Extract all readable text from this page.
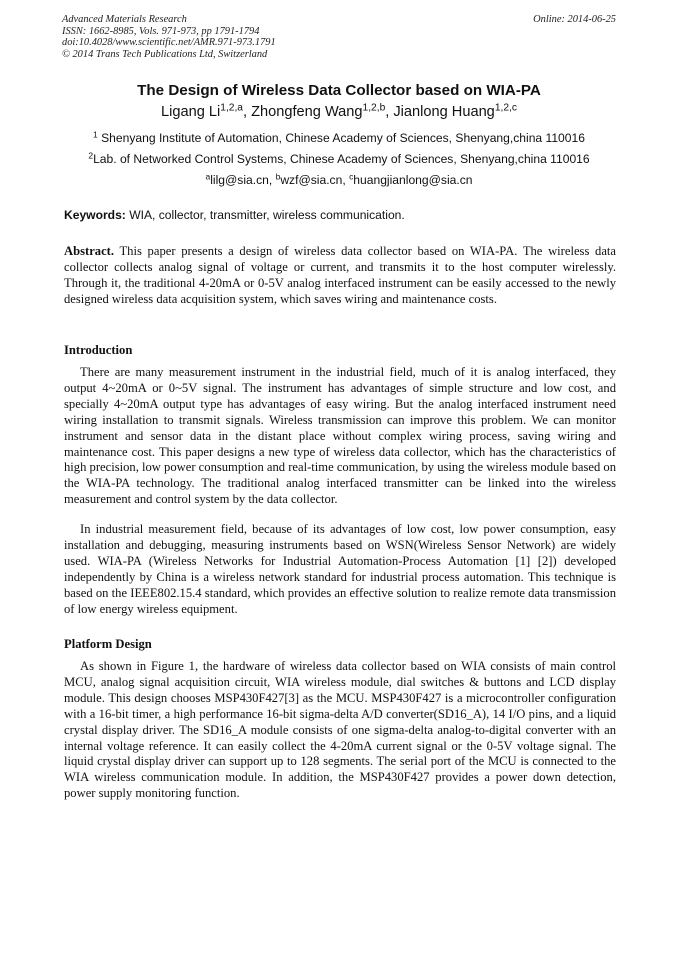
Advanced Materials Research
ISSN: 1662-8985, Vols. 971-973, pp 1791-1794
doi:10.4028/www.scientific.net/AMR.971-973.1791
© 2014 Trans Tech Publications Ltd, Switzerland
Online: 2014-06-25
The Design of Wireless Data Collector based on WIA-PA
Ligang Li$^{1,2,a}$, Zhongfeng Wang$^{1,2,b}$, Jianlong Huang$^{1,2,c}$
$^1$ Shenyang Institute of Automation, Chinese Academy of Sciences, Shenyang,china 110016
$^2$Lab. of Networked Control Systems, Chinese Academy of Sciences, Shenyang,china 110016
$^a$lilg@sia.cn, $^b$wzf@sia.cn, $^c$huangjianlong@sia.cn
Keywords: WIA, collector, transmitter, wireless communication.
Abstract. This paper presents a design of wireless data collector based on WIA-PA. The wireless data collector collects analog signal of voltage or current, and transmits it to the host computer wirelessly. Through it, the traditional 4-20mA or 0-5V analog interfaced instrument can be easily accessed to the newly designed wireless data acquisition system, which saves wiring and maintenance costs.
Introduction
There are many measurement instrument in the industrial field, much of it is analog interfaced, they output 4~20mA or 0~5V signal. The instrument has advantages of simple structure and low cost, and specially 4~20mA output type has advantages of easy wiring. But the analog interfaced instrument need wiring installation to transmit signals. Wireless transmission can improve this problem. We can monitor instrument and sensor data in the distant place without complex wiring process, saving wiring and maintenance cost. This paper designs a new type of wireless data collector, which has the characteristics of high precision, low power consumption and real-time communication, by using the wireless module based on the WIA-PA technology. The traditional analog interfaced transmitter can be linked into the wireless measurement and control system by the data collector.
In industrial measurement field, because of its advantages of low cost, low power consumption, easy installation and debugging, measuring instruments based on WSN(Wireless Sensor Network) are widely used. WIA-PA (Wireless Networks for Industrial Automation-Process Automation [1] [2]) developed independently by China is a wireless network standard for industrial process automation. This technique is based on the IEEE802.15.4 standard, which provides an effective solution to realize remote data transmission of low energy wireless equipment.
Platform Design
As shown in Figure 1, the hardware of wireless data collector based on WIA consists of main control MCU, analog signal acquisition circuit, WIA wireless module, dial switches & buttons and LCD display module. This design chooses MSP430F427[3] as the MCU. MSP430F427 is a microcontroller configuration with a 16-bit timer, a high performance 16-bit sigma-delta A/D converter(SD16_A), 14 I/O pins, and a liquid crystal display driver. The SD16_A module consists of one sigma-delta analog-to-digital converter with an internal voltage reference. It can easily collect the 4-20mA current signal or the 0-5V voltage signal. The liquid crystal display driver can support up to 128 segments. The serial port of the MCU is connected to the WIA wireless communication module. In addition, the MSP430F427 provides a power down detection, power supply monitoring function.
